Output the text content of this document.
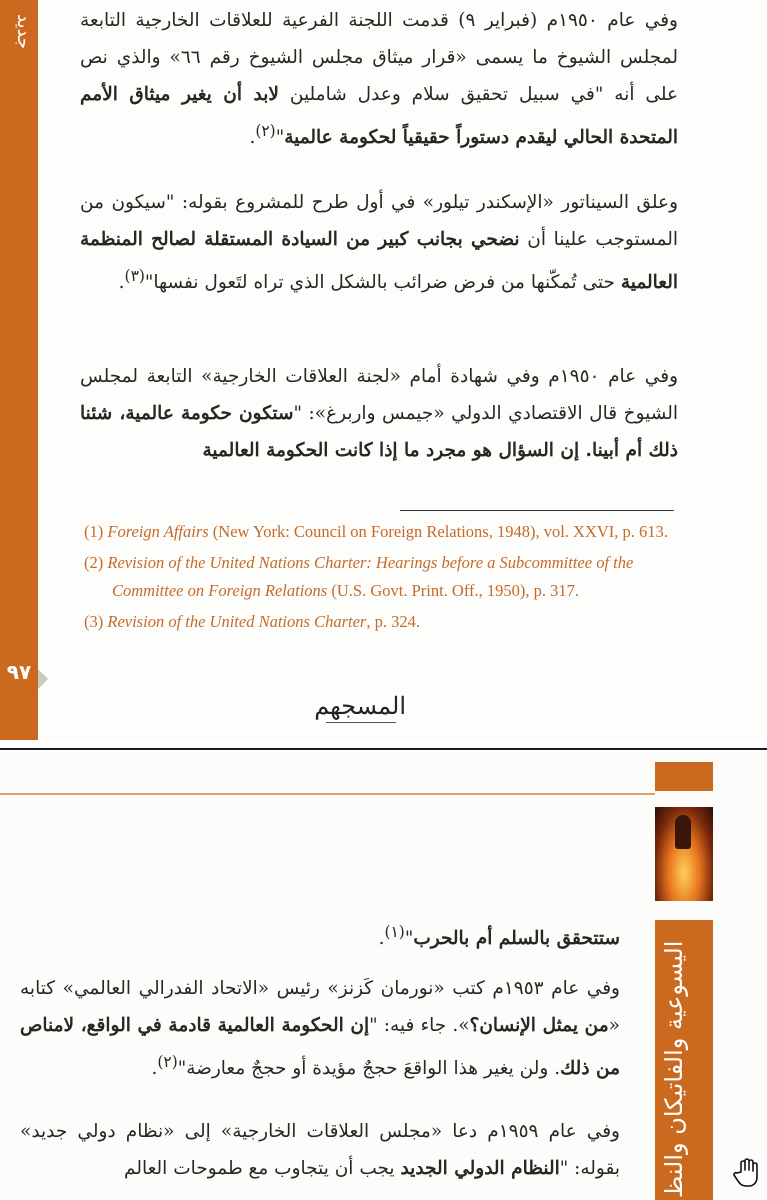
جديد
٩٧

وفي عام ١٩٥٠م (فبراير ٩) قدمت اللجنة الفرعية للعلاقات الخارجية التابعة لمجلس الشيوخ ما يسمى «قرار ميثاق مجلس الشيوخ رقم ٦٦» والذي نص على أنه "في سبيل تحقيق سلام وعدل شاملين لابد أن يغير ميثاق الأمم المتحدة الحالي ليقدم دستوراً حقيقياً لحكومة عالمية"$^{(٢)}$.

وعلق السيناتور «الإسكندر تيلور» في أول طرح للمشروع بقوله: "سيكون من المستوجب علينا أن نضحي بجانب كبير من السيادة المستقلة لصالح المنظمة العالمية حتى تُمكّنها من فرض ضرائب بالشكل الذي تراه لتَعول نفسها"$^{(٣)}$.

وفي عام ١٩٥٠م وفي شهادة أمام «لجنة العلاقات الخارجية» التابعة لمجلس الشيوخ قال الاقتصادي الدولي «جيمس واربرغ»: "ستكون حكومة عالمية، شئنا ذلك أم أبينا. إن السؤال هو مجرد ما إذا كانت الحكومة العالمية

(1) Foreign Affairs (New York: Council on Foreign Relations, 1948), vol. XXVI, p. 613.

(2) Revision of the United Nations Charter: Hearings before a Subcommittee of the Committee on Foreign Relations (U.S. Govt. Print. Off., 1950), p. 317.

(3) Revision of the United Nations Charter, p. 324.

المسجهم
اليسوعية والفاتيكان والنظ

ستتحقق بالسلم أم بالحرب"$^{(١)}$.

وفي عام ١٩٥٣م كتب «نورمان كَزنز» رئيس «الاتحاد الفدرالي العالمي» كتابه «من يمثل الإنسان؟». جاء فيه: "إن الحكومة العالمية قادمة في الواقع، لامناص من ذلك. ولن يغير هذا الواقعَ حججٌ مؤيدة أو حججٌ معارضة"$^{(٢)}$.

وفي عام ١٩٥٩م دعا «مجلس العلاقات الخارجية» إلى «نظام دولي جديد» بقوله: "النظام الدولي الجديد يجب أن يتجاوب مع طموحات العالم
